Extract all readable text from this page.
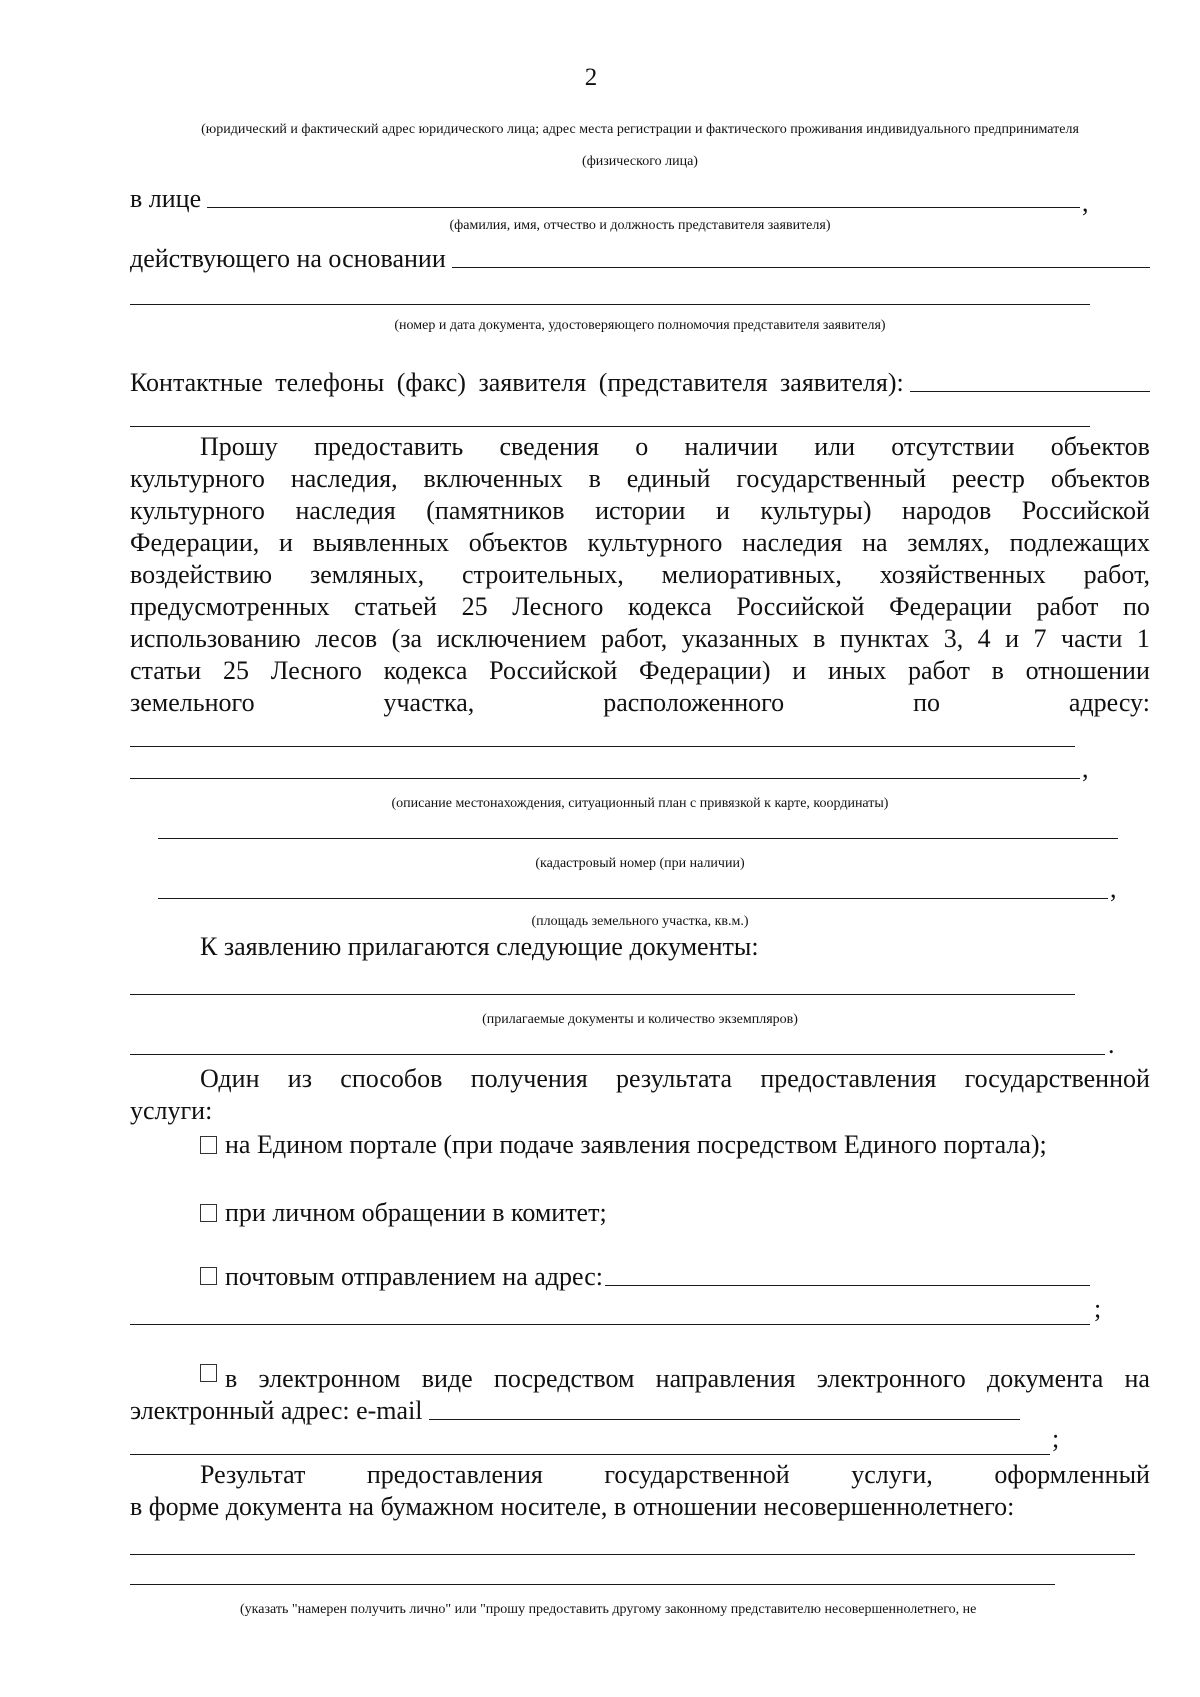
2
(юридический и фактический адрес юридического лица; адрес места регистрации и фактического проживания индивидуального предпринимателя
(физического лица)
в лице	,
(фамилия, имя, отчество и должность представителя заявителя)
действующего на основании
(номер и дата документа, удостоверяющего полномочия представителя заявителя)
Контактные телефоны (факс) заявителя (представителя заявителя):
Прошу предоставить сведения о наличии или отсутствии объектов
культурного наследия, включенных в единый государственный реестр объектов
культурного наследия (памятников истории и культуры) народов Российской
Федерации, и выявленных объектов культурного наследия на землях, подлежащих
воздействию земляных, строительных, мелиоративных, хозяйственных работ,
предусмотренных статьей 25 Лесного кодекса Российской Федерации работ по
использованию лесов (за исключением работ, указанных в пунктах 3, 4 и 7 части 1
статьи 25 Лесного кодекса Российской Федерации) и иных работ в отношении
земельного	участка,	расположенного	по	адресу:
,
(описание местонахождения, ситуационный план с привязкой к карте, координаты)
(кадастровый номер (при наличии)
,
(площадь земельного участка, кв.м.)
К заявлению прилагаются следующие документы:
(прилагаемые документы и количество экземпляров)
.
Один из способов получения результата предоставления государственной
услуги:
на Едином портале (при подаче заявления посредством Единого портала);
при личном обращении в комитет;
почтовым отправлением на адрес:
;
в электронном виде посредством направления электронного документа на
электронный адрес: e-mail
;
Результат предоставления государственной услуги, оформленный
в форме документа на бумажном носителе, в отношении несовершеннолетнего:
(указать "намерен получить лично" или "прошу предоставить другому законному представителю несовершеннолетнего, не
